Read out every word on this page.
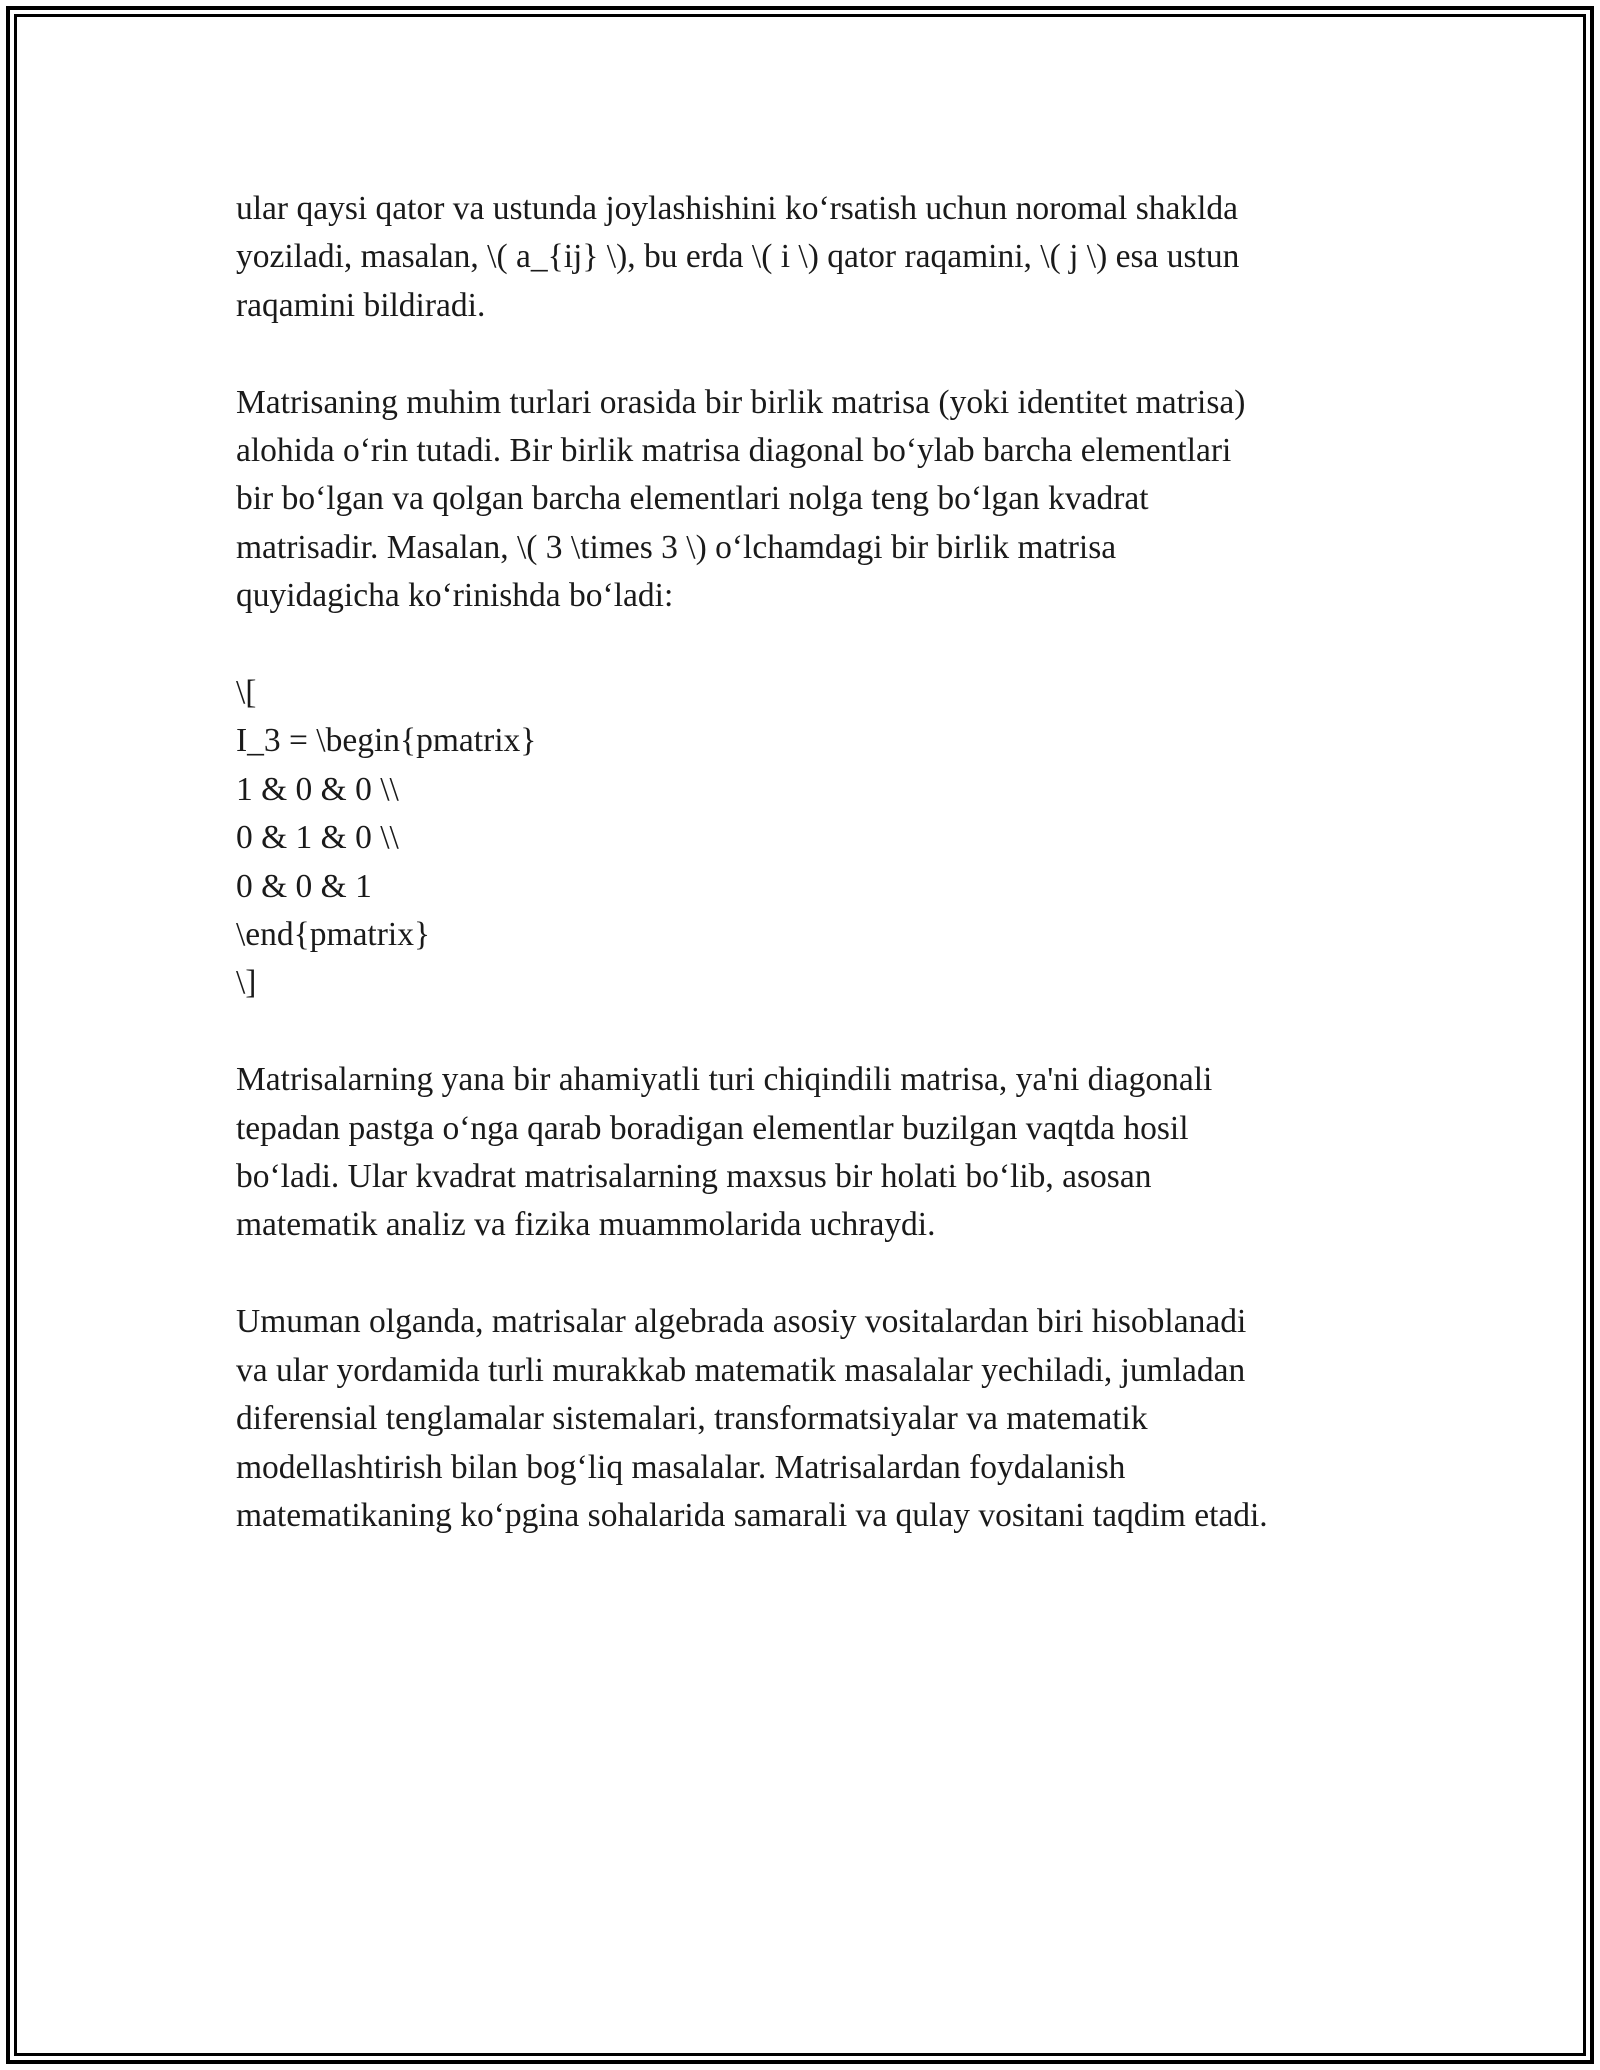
ular qaysi qator va ustunda joylashishini ko‘rsatish uchun noromal shaklda
yoziladi, masalan, \( a_{ij} \), bu erda \( i \) qator raqamini, \( j \) esa ustun
raqamini bildiradi.

Matrisaning muhim turlari orasida bir birlik matrisa (yoki identitet matrisa)
alohida o‘rin tutadi. Bir birlik matrisa diagonal bo‘ylab barcha elementlari
bir bo‘lgan va qolgan barcha elementlari nolga teng bo‘lgan kvadrat
matrisadir. Masalan, \( 3 \times 3 \) o‘lchamdagi bir birlik matrisa
quyidagicha ko‘rinishda bo‘ladi:

\[
I_3 = \begin{pmatrix}
1 & 0 & 0 \\
0 & 1 & 0 \\
0 & 0 & 1
\end{pmatrix}
\]

Matrisalarning yana bir ahamiyatli turi chiqindili matrisa, ya'ni diagonali
tepadan pastga o‘nga qarab boradigan elementlar buzilgan vaqtda hosil
bo‘ladi. Ular kvadrat matrisalarning maxsus bir holati bo‘lib, asosan
matematik analiz va fizika muammolarida uchraydi.

Umuman olganda, matrisalar algebrada asosiy vositalardan biri hisoblanadi
va ular yordamida turli murakkab matematik masalalar yechiladi, jumladan
diferensial tenglamalar sistemalari, transformatsiyalar va matematik
modellashtirish bilan bog‘liq masalalar. Matrisalardan foydalanish
matematikaning ko‘pgina sohalarida samarali va qulay vositani taqdim etadi.
